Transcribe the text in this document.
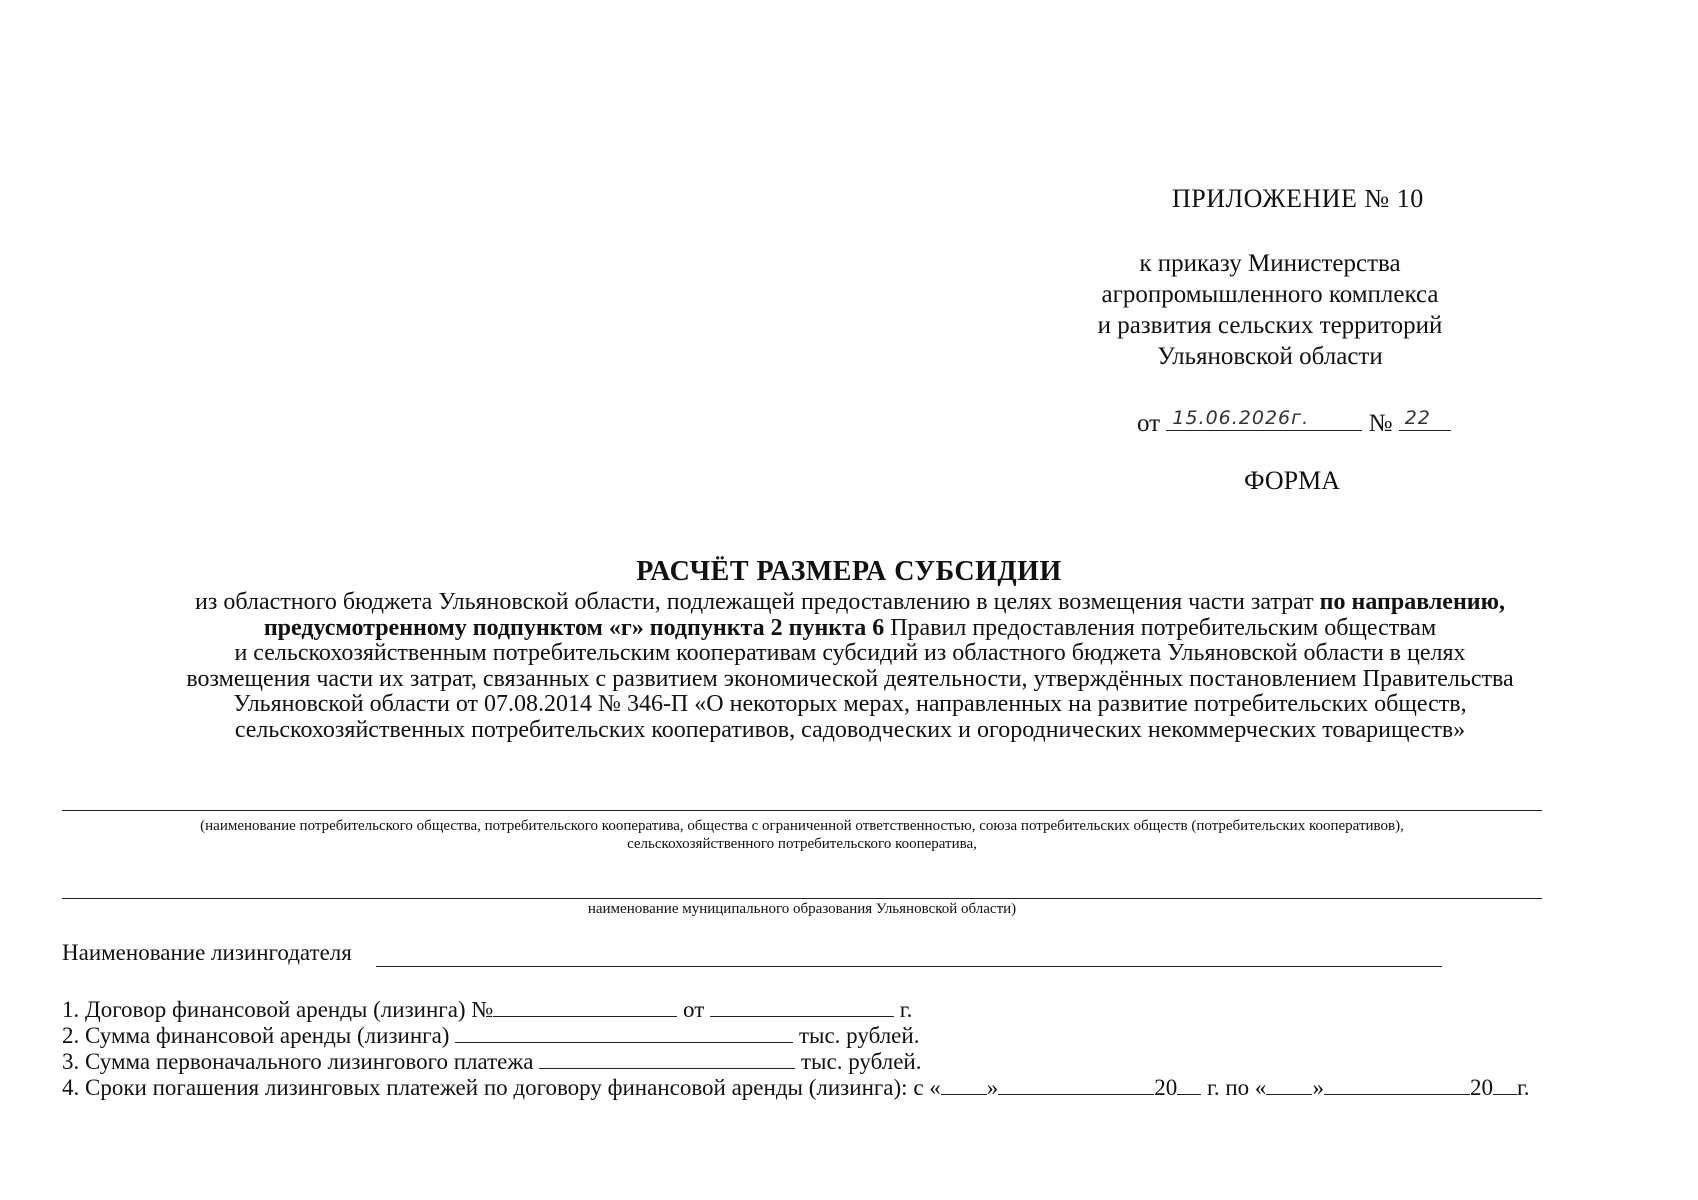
ПРИЛОЖЕНИЕ № 10
к приказу Министерства
агропромышленного комплекса
и развития сельских территорий
Ульяновской области
от 15.06.2026г. № 22
ФОРМА
РАСЧЁТ РАЗМЕРА СУБСИДИИ
из областного бюджета Ульяновской области, подлежащей предоставлению в целях возмещения части затрат по направлению,
предусмотренному подпунктом «г» подпункта 2 пункта 6 Правил предоставления потребительским обществам
и сельскохозяйственным потребительским кооперативам субсидий из областного бюджета Ульяновской области в целях
возмещения части их затрат, связанных с развитием экономической деятельности, утверждённых постановлением Правительства
Ульяновской области от 07.08.2014 № 346-П «О некоторых мерах, направленных на развитие потребительских обществ,
сельскохозяйственных потребительских кооперативов, садоводческих и огороднических некоммерческих товариществ»
(наименование потребительского общества, потребительского кооператива, общества с ограниченной ответственностью, союза потребительских обществ (потребительских кооперативов),
сельскохозяйственного потребительского кооператива,
наименование муниципального образования Ульяновской области)
Наименование лизингодателя
1. Договор финансовой аренды (лизинга) №	от	г.
2. Сумма финансовой аренды (лизинга)	тыс. рублей.
3. Сумма первоначального лизингового платежа	тыс. рублей.
4. Сроки погашения лизинговых платежей по договору финансовой аренды (лизинга): с « »	20 г. по « »	20 г.
